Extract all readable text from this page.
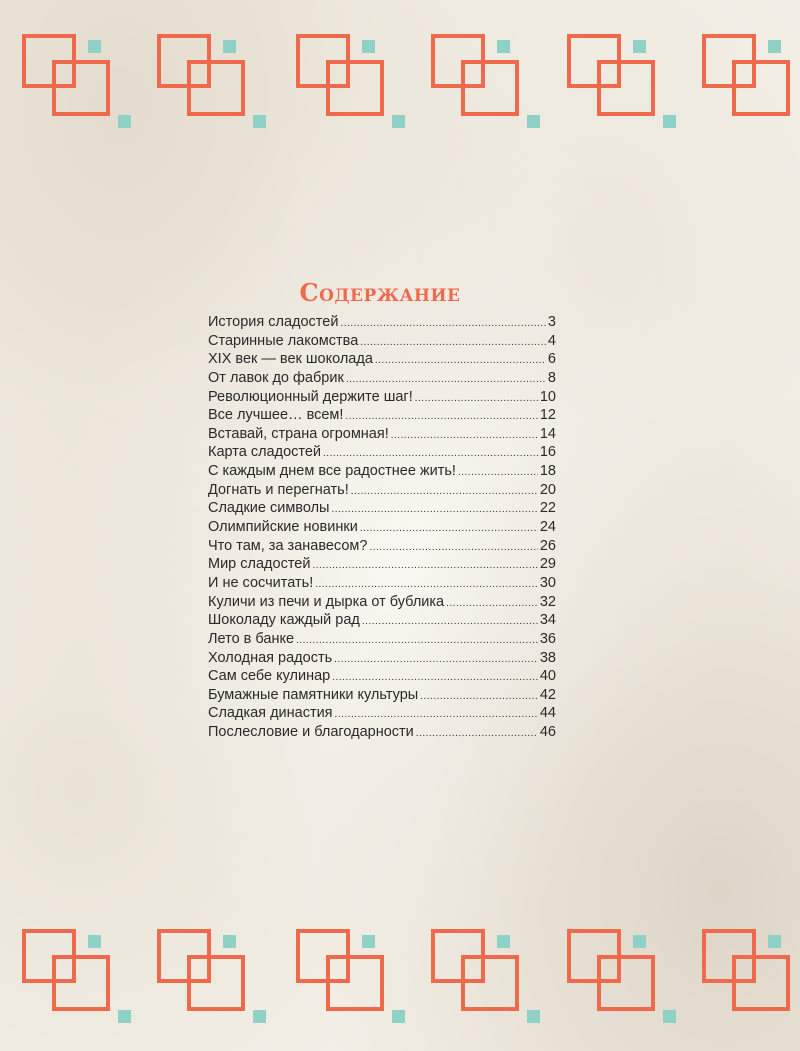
Содержание
История сладостей .....	3
Старинные лакомства .....	4
XIX век — век шоколада .....	6
От лавок до фабрик .....	8
Революционный держите шаг! .....	10
Все лучшее… всем! .....	12
Вставай, страна огромная! .....	14
Карта сладостей .....	16
С каждым днем все радостнее жить! .....	18
Догнать и перегнать! .....	20
Сладкие символы .....	22
Олимпийские новинки .....	24
Что там, за занавесом? .....	26
Мир сладостей .....	29
И не сосчитать! .....	30
Куличи из печи и дырка от бублика .....	32
Шоколаду каждый рад .....	34
Лето в банке .....	36
Холодная радость .....	38
Сам себе кулинар .....	40
Бумажные памятники культуры .....	42
Сладкая династия .....	44
Послесловие и благодарности .....	46
